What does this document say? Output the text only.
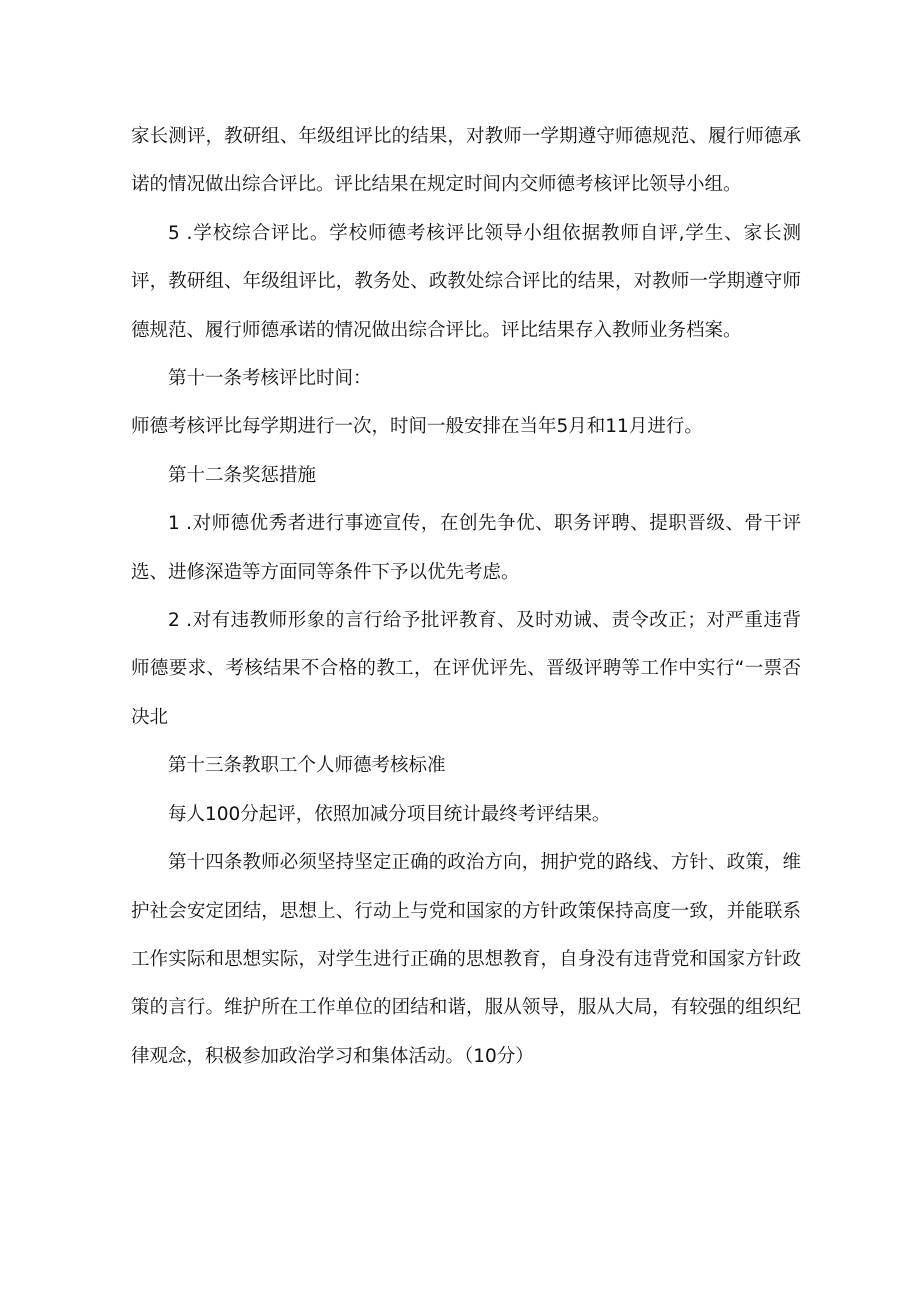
家长测评，教研组、年级组评比的结果，对教师一学期遵守师德规范、履行师德承诺的情况做出综合评比。评比结果在规定时间内交师德考核评比领导小组。

5 .学校综合评比。学校师德考核评比领导小组依据教师自评,学生、家长测评，教研组、年级组评比，教务处、政教处综合评比的结果，对教师一学期遵守师德规范、履行师德承诺的情况做出综合评比。评比结果存入教师业务档案。

第十一条考核评比时间：

师德考核评比每学期进行一次，时间一般安排在当年5月和11月进行。

第十二条奖惩措施

1 .对师德优秀者进行事迹宣传，在创先争优、职务评聘、提职晋级、骨干评选、进修深造等方面同等条件下予以优先考虑。

2 .对有违教师形象的言行给予批评教育、及时劝诫、责令改正；对严重违背师德要求、考核结果不合格的教工，在评优评先、晋级评聘等工作中实行“一票否决北

第十三条教职工个人师德考核标准

每人100分起评，依照加减分项目统计最终考评结果。

第十四条教师必须坚持坚定正确的政治方向，拥护党的路线、方针、政策，维护社会安定团结，思想上、行动上与党和国家的方针政策保持高度一致，并能联系工作实际和思想实际，对学生进行正确的思想教育，自身没有违背党和国家方针政策的言行。维护所在工作单位的团结和谐，服从领导，服从大局，有较强的组织纪律观念，积极参加政治学习和集体活动。（10分）
